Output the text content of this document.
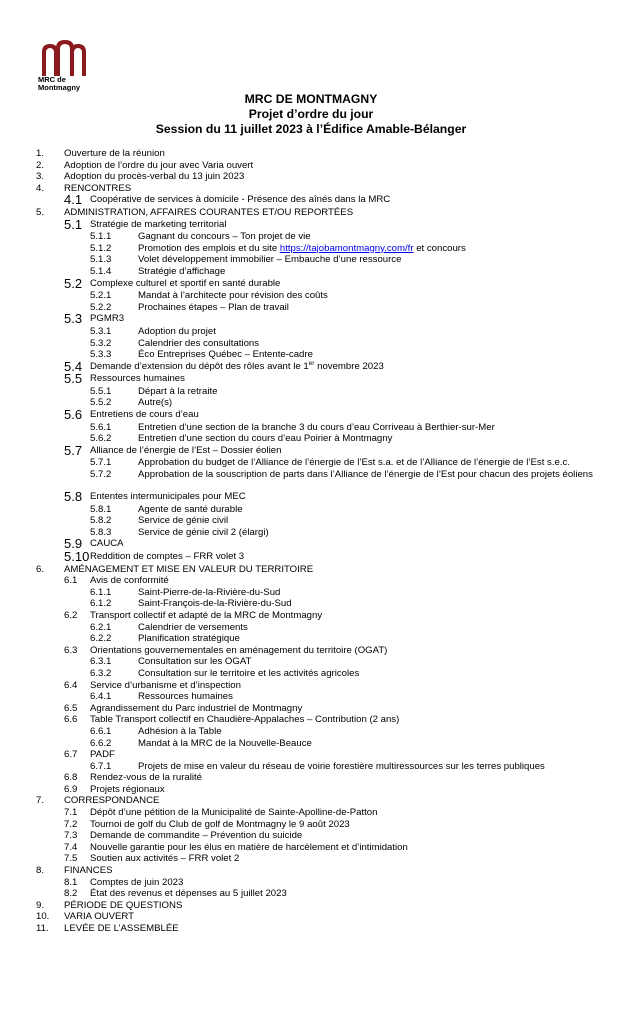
MRC de
Montmagny
MRC DE MONTMAGNY
Projet d’ordre du jour
Session du 11 juillet 2023 à l’Édifice Amable-Bélanger
1. Ouverture de la réunion
2. Adoption de l’ordre du jour avec Varia ouvert
3. Adoption du procès-verbal du 13 juin 2023
4. RENCONTRES
4.1 Coopérative de services à domicile - Présence des aînés dans la MRC
5. ADMINISTRATION, AFFAIRES COURANTES ET/OU REPORTÉES
5.1 Stratégie de marketing territorial
5.1.1	Gagnant du concours – Ton projet de vie
5.1.2	Promotion des emplois et du site https://tajobamontmagny.com/fr et concours
5.1.3	Volet développement immobilier – Embauche d’une ressource
5.1.4	Stratégie d’affichage
5.2 Complexe culturel et sportif en santé durable
5.2.1	Mandat à l’architecte pour révision des coûts
5.2.2	Prochaines étapes – Plan de travail
5.3 PGMR3
5.3.1	Adoption du projet
5.3.2	Calendrier des consultations
5.3.3	Éco Entreprises Québec – Entente-cadre
5.4 Demande d’extension du dépôt des rôles avant le 1er novembre 2023
5.5 Ressources humaines
5.5.1	Départ à la retraite
5.5.2	Autre(s)
5.6 Entretiens de cours d’eau
5.6.1	Entretien d’une section de la branche 3 du cours d’eau Corriveau à Berthier-sur-Mer
5.6.2	Entretien d’une section du cours d’eau Poirier à Montmagny
5.7 Alliance de l’énergie de l’Est – Dossier éolien
5.7.1	Approbation du budget de l’Alliance de l’énergie de l’Est s.a. et de l’Alliance de l’énergie de l’Est s.e.c.
5.7.2	Approbation de la souscription de parts dans l’Alliance de l’énergie de l’Est pour chacun des projets éoliens
5.8 Ententes intermunicipales pour MEC
5.8.1	Agente de santé durable
5.8.2	Service de génie civil
5.8.3	Service de génie civil 2 (élargi)
5.9 CAUCA
5.10 Reddition de comptes – FRR volet 3
6. AMÉNAGEMENT ET MISE EN VALEUR DU TERRITOIRE
6.1 Avis de conformité
6.1.1	Saint-Pierre-de-la-Rivière-du-Sud
6.1.2	Saint-François-de-la-Rivière-du-Sud
6.2 Transport collectif et adapté de la MRC de Montmagny
6.2.1	Calendrier de versements
6.2.2	Planification stratégique
6.3 Orientations gouvernementales en aménagement du territoire (OGAT)
6.3.1	Consultation sur les OGAT
6.3.2	Consultation sur le territoire et les activités agricoles
6.4 Service d’urbanisme et d’inspection
6.4.1	Ressources humaines
6.5 Agrandissement du Parc industriel de Montmagny
6.6 Table Transport collectif en Chaudière-Appalaches – Contribution (2 ans)
6.6.1	Adhésion à la Table
6.6.2	Mandat à la MRC de la Nouvelle-Beauce
6.7 PADF
6.7.1	Projets de mise en valeur du réseau de voirie forestière multiressources sur les terres publiques
6.8 Rendez-vous de la ruralité
6.9 Projets régionaux
7. CORRESPONDANCE
7.1 Dépôt d’une pétition de la Municipalité de Sainte-Apolline-de-Patton
7.2 Tournoi de golf du Club de golf de Montmagny le 9 août 2023
7.3 Demande de commandite – Prévention du suicide
7.4 Nouvelle garantie pour les élus en matière de harcèlement et d’intimidation
7.5 Soutien aux activités – FRR volet 2
8. FINANCES
8.1 Comptes de juin 2023
8.2 État des revenus et dépenses au 5 juillet 2023
9. PÉRIODE DE QUESTIONS
10. VARIA OUVERT
11. LEVÉE DE L’ASSEMBLÉE
